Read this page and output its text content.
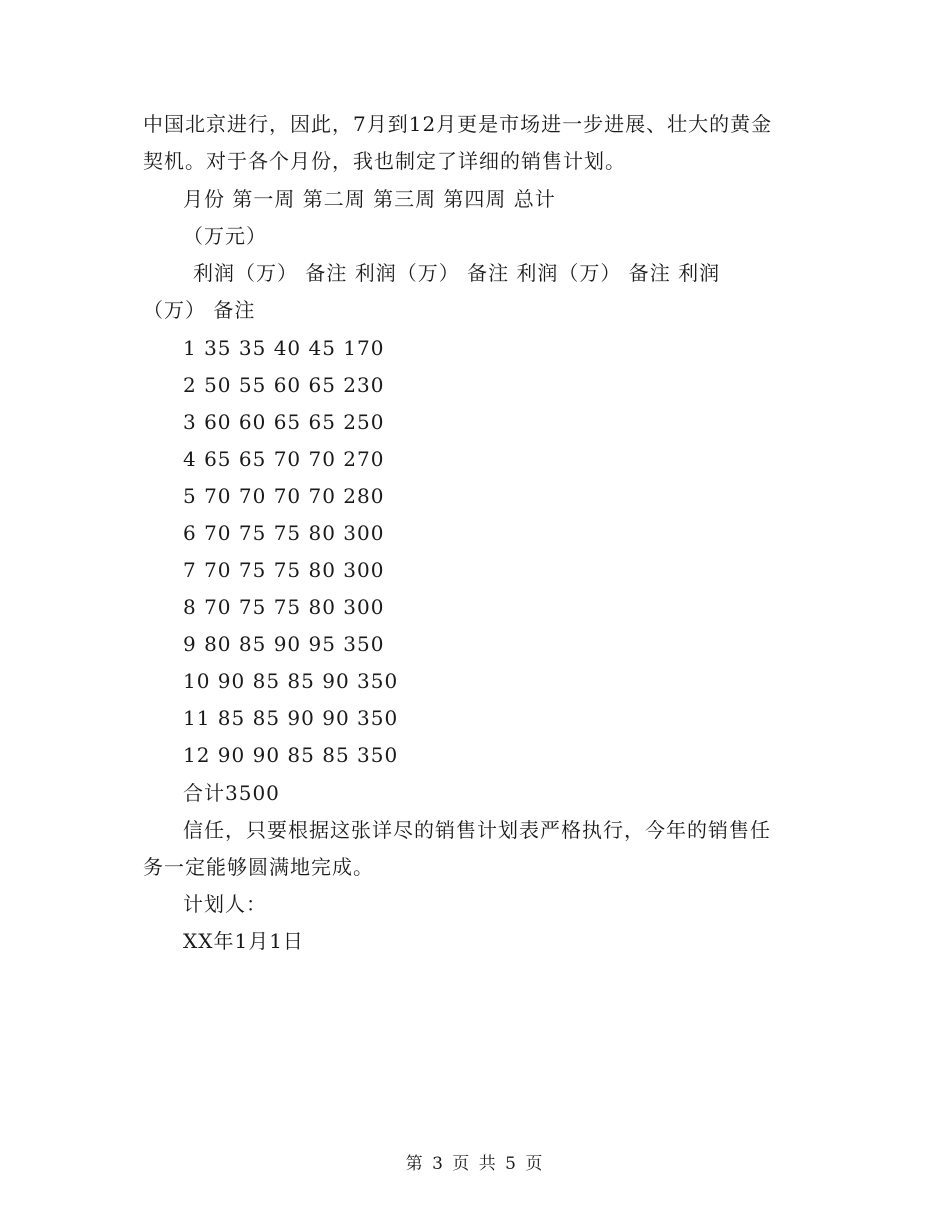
中国北京进行，因此，7月到12月更是市场进一步进展、壮大的黄金
契机。对于各个月份，我也制定了详细的销售计划。
月份 第一周 第二周 第三周 第四周 总计
（万元）
利润（万） 备注 利润（万） 备注 利润（万） 备注 利润
（万） 备注
1 35 35 40 45 170
2 50 55 60 65 230
3 60 60 65 65 250
4 65 65 70 70 270
5 70 70 70 70 280
6 70 75 75 80 300
7 70 75 75 80 300
8 70 75 75 80 300
9 80 85 90 95 350
10 90 85 85 90 350
11 85 85 90 90 350
12 90 90 85 85 350
合计3500
信任，只要根据这张详尽的销售计划表严格执行，今年的销售任
务一定能够圆满地完成。
计划人：
XX年1月1日
第 3 页 共 5 页
